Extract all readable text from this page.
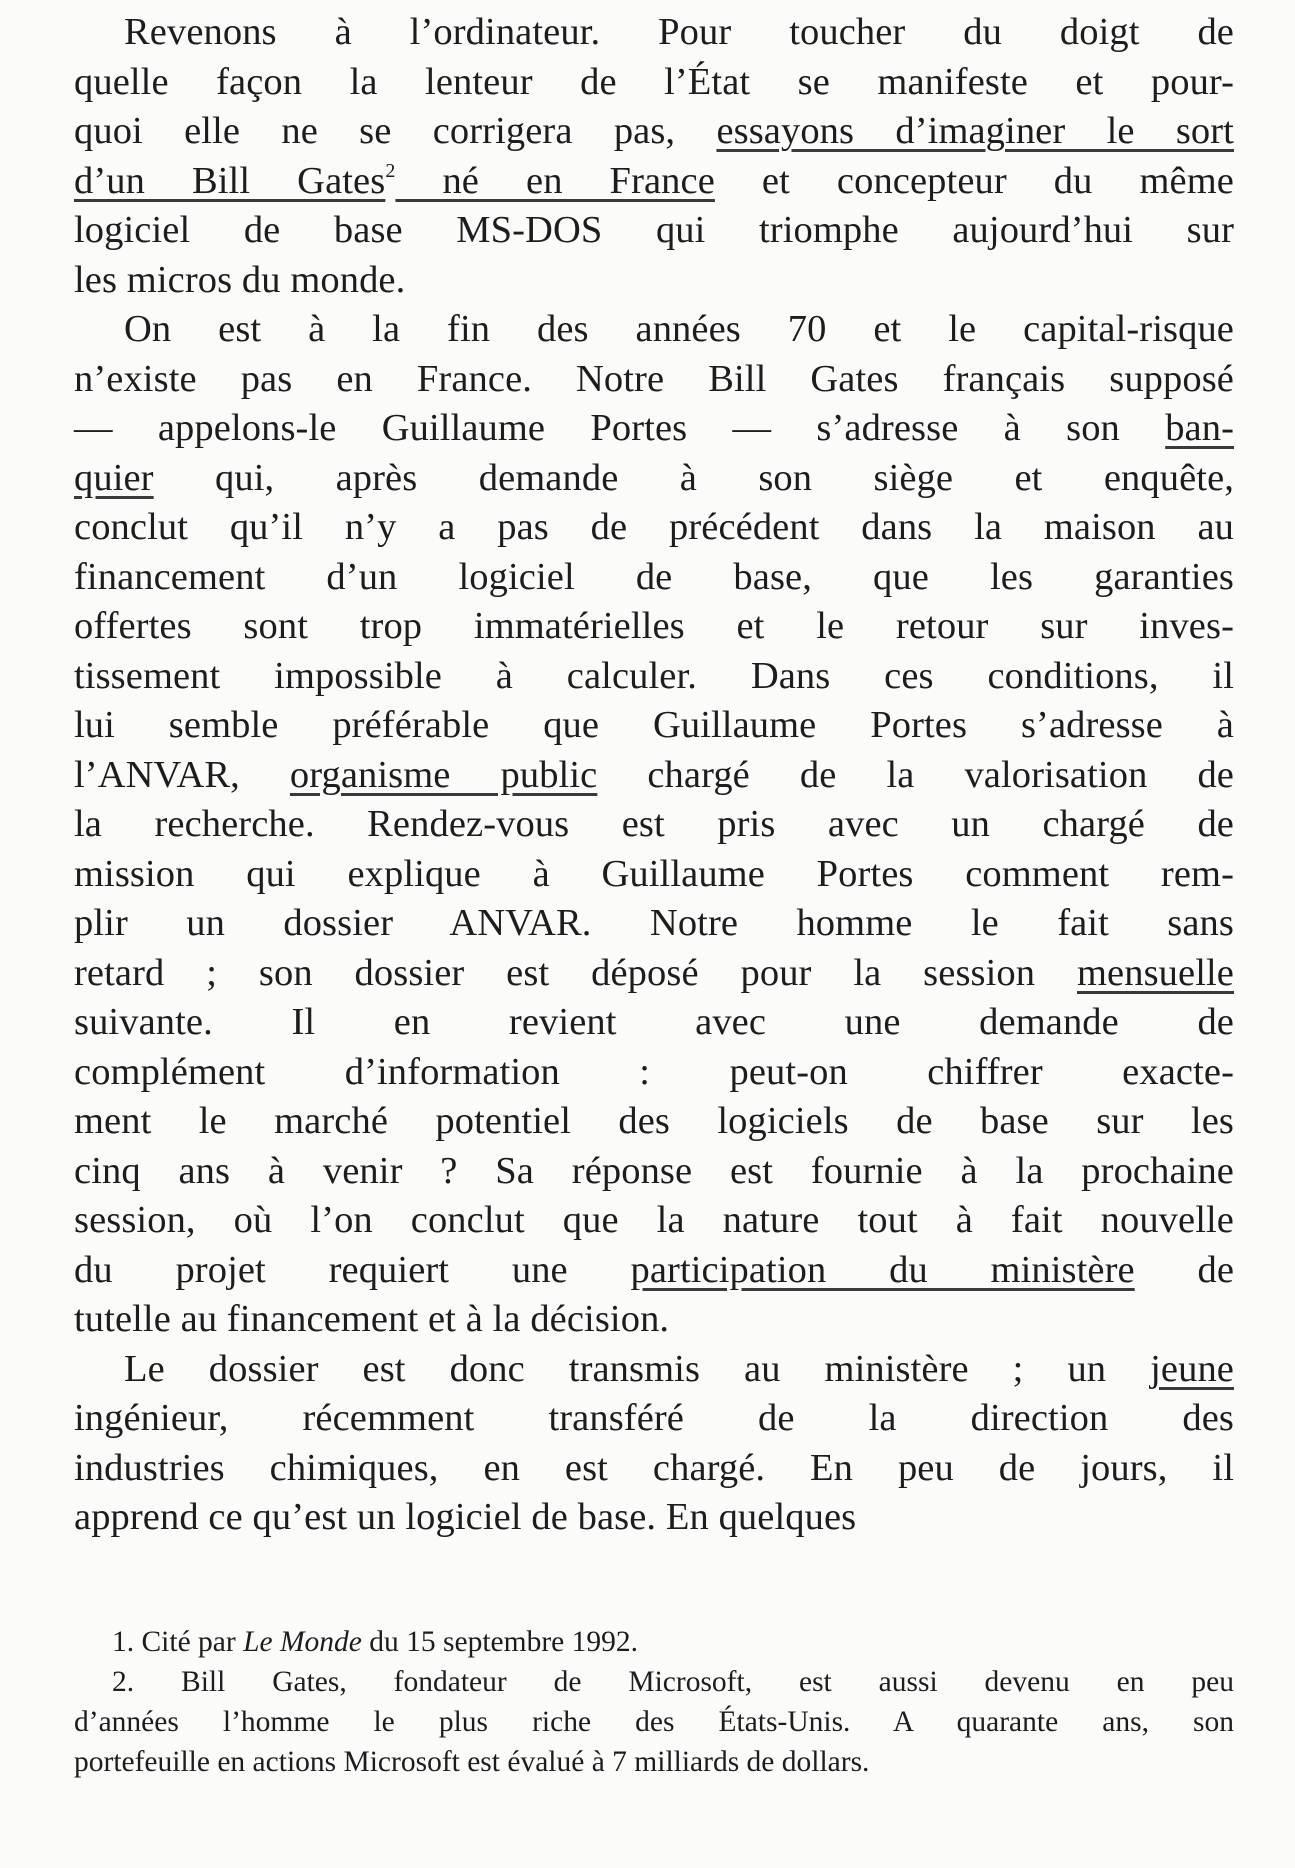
Revenons à l’ordinateur. Pour toucher du doigt de
quelle façon la lenteur de l’État se manifeste et pour-
quoi elle ne se corrigera pas, essayons d’imaginer le sort
d’un Bill Gates$^2$ né en France et concepteur du même
logiciel de base MS-DOS qui triomphe aujourd’hui sur
les micros du monde.
On est à la fin des années 70 et le capital-risque
n’existe pas en France. Notre Bill Gates français supposé
— appelons-le Guillaume Portes — s’adresse à son ban-
quier qui, après demande à son siège et enquête,
conclut qu’il n’y a pas de précédent dans la maison au
financement d’un logiciel de base, que les garanties
offertes sont trop immatérielles et le retour sur inves-
tissement impossible à calculer. Dans ces conditions, il
lui semble préférable que Guillaume Portes s’adresse à
l’ANVAR, organisme public chargé de la valorisation de
la recherche. Rendez-vous est pris avec un chargé de
mission qui explique à Guillaume Portes comment rem-
plir un dossier ANVAR. Notre homme le fait sans
retard ; son dossier est déposé pour la session mensuelle
suivante. Il en revient avec une demande de
complément d’information : peut-on chiffrer exacte-
ment le marché potentiel des logiciels de base sur les
cinq ans à venir ? Sa réponse est fournie à la prochaine
session, où l’on conclut que la nature tout à fait nouvelle
du projet requiert une participation du ministère de
tutelle au financement et à la décision.
Le dossier est donc transmis au ministère ; un jeune
ingénieur, récemment transféré de la direction des
industries chimiques, en est chargé. En peu de jours, il
apprend ce qu’est un logiciel de base. En quelques
1. Cité par Le Monde du 15 septembre 1992.
2. Bill Gates, fondateur de Microsoft, est aussi devenu en peu
d’années l’homme le plus riche des États-Unis. A quarante ans, son
portefeuille en actions Microsoft est évalué à 7 milliards de dollars.
